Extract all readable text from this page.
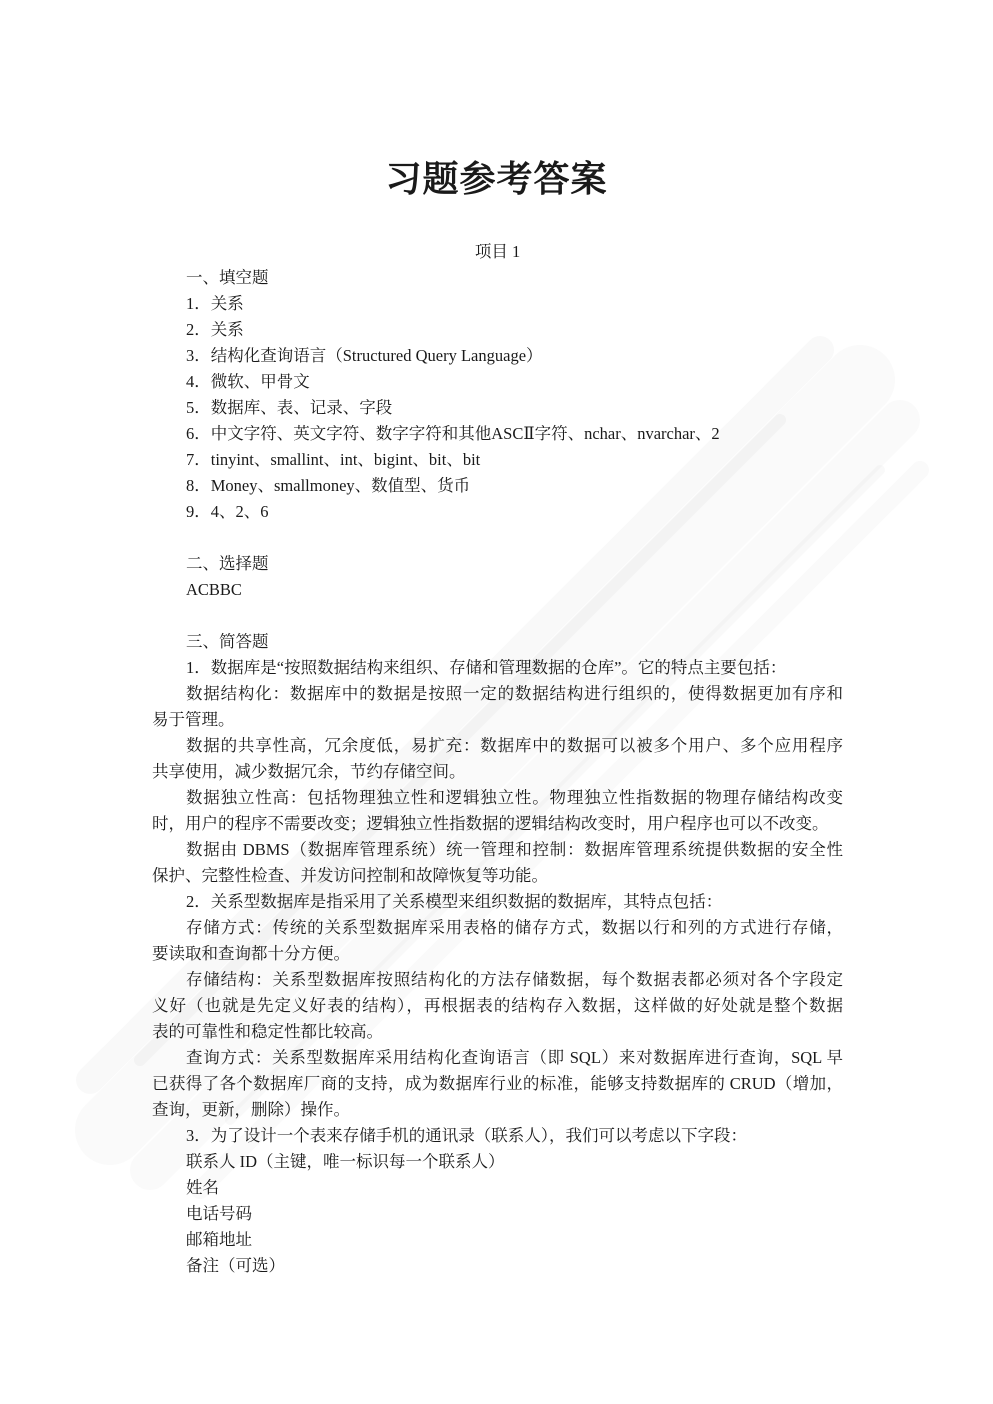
习题参考答案
项目 1
一、填空题
1．关系
2．关系
3．结构化查询语言（Structured Query Language）
4．微软、甲骨文
5．数据库、表、记录、字段
6．中文字符、英文字符、数字字符和其他ASCⅡ字符、nchar、nvarchar、2
7．tinyint、smallint、int、bigint、bit、bit
8．Money、smallmoney、数值型、货币
9．4、2、6
二、选择题
ACBBC
三、简答题
1．数据库是“按照数据结构来组织、存储和管理数据的仓库”。它的特点主要包括：
数据结构化：数据库中的数据是按照一定的数据结构进行组织的，使得数据更加有序和
易于管理。
数据的共享性高，冗余度低，易扩充：数据库中的数据可以被多个用户、多个应用程序
共享使用，减少数据冗余，节约存储空间。
数据独立性高：包括物理独立性和逻辑独立性。物理独立性指数据的物理存储结构改变
时，用户的程序不需要改变；逻辑独立性指数据的逻辑结构改变时，用户程序也可以不改变。
数据由 DBMS（数据库管理系统）统一管理和控制：数据库管理系统提供数据的安全性
保护、完整性检查、并发访问控制和故障恢复等功能。
2．关系型数据库是指采用了关系模型来组织数据的数据库，其特点包括：
存储方式：传统的关系型数据库采用表格的储存方式，数据以行和列的方式进行存储，
要读取和查询都十分方便。
存储结构：关系型数据库按照结构化的方法存储数据，每个数据表都必须对各个字段定
义好（也就是先定义好表的结构），再根据表的结构存入数据，这样做的好处就是整个数据
表的可靠性和稳定性都比较高。
查询方式：关系型数据库采用结构化查询语言（即 SQL）来对数据库进行查询，SQL 早
已获得了各个数据库厂商的支持，成为数据库行业的标准，能够支持数据库的 CRUD（增加，
查询，更新，删除）操作。
3．为了设计一个表来存储手机的通讯录（联系人），我们可以考虑以下字段：
联系人 ID（主键，唯一标识每一个联系人）
姓名
电话号码
邮箱地址
备注（可选）
